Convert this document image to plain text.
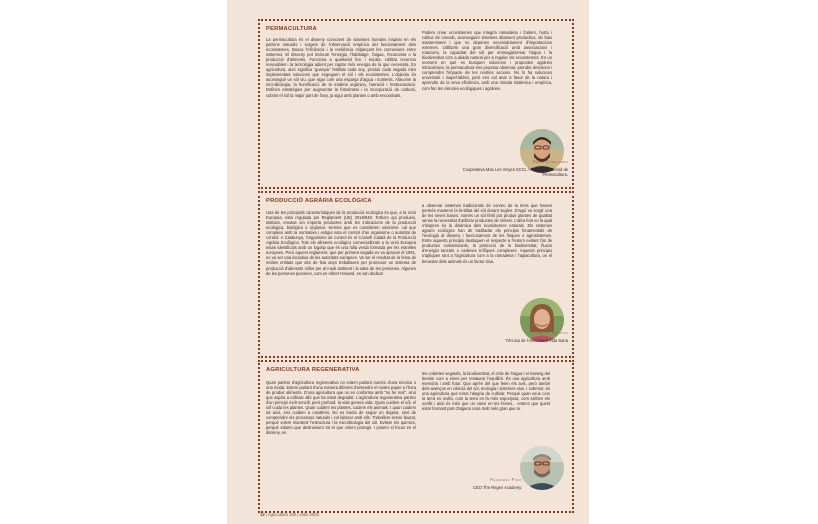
PERMACULTURA

La permacultura és el disseny conscient de sistemes humans inspirat en els patrons naturals i sorgeix de l'observació empírica del funcionament dels ecosistemes. Busca l'eficiència i la resiliència mitjançant les connexions entre sistemes. El disseny pot incloure l'energia, l'habitatge, l'aigua, l'economia o la producció d'aliments. Funciona a qualsevol lloc i escala. Utilitza recursos renovables i la tecnologia adient per captar més energia de la que necessita. En agricultura, això significa 'guanyar' fertilitat cada any, produir cada vegada més implementant solucions que engeguen el sòl i els ecosistemes. L'objectiu és aconseguir un sòl viu, que sigui com una esponja d'aigua i nutrients. Afavorim la microbiologia, la humificació de la matèria orgànica, l'aeració i l'estructuració. Definim estratègies per augmentar la fotosíntesi i la incorporació de carboni, cobrint el sòl la major part de l'any, ja sigui amb plantes o amb encoixinats.

Podem crear ecosistemes que integrin ramaderia i fruiters, horta i cultius de cereals, aconseguint sistemes altament productius, de baix manteniment i que no depenen necessàriament d'importacions externes. Utilitzem una gran diversificació amb associacions i rotacions, la capacitat del sòl per emmagatzemar l'aigua i la biodiversitat com a aliada natural per a regular els ecosistemes. En un moment en què es busquen solucions i propostes agràries miraculoses, la permacultura ens proposa observar, prendre decisions i comprendre l'impacte de les nostres accions. No hi ha solucions universals i inapel·lables, però ens cal anar a favor de la natura i aprendre de la seva eficiència, amb una mirada sistèmica i empírica, com fan les ciències ecològiques i agràries.

Sergi Caballero
Cooperativa Mas Les Vinyes SCCL / Associació BioVid de Permacultura.
PRODUCCIÓ AGRÀRIA ECOLÒGICA

Una de les principals característiques de la producció ecològica és que, a la Unió Europea, està regulada pel Reglament (UE) 2018/848. Tothom qui produeix, elabora, envasa o/o importa productes amb les indicacions de la producció ecològica, biològica o orgànica -termes que es consideren sinònims- cal que compleixi amb la normativa i estigui sota el control d'un organisme o autoritat de control. A Catalunya, l'organisme de control és el Consell Català de la Producció Agrària Ecològica. Tots els aliments ecològics comercialitzats a la Unió Europea estan identificats amb un logotip que és una fulla verda formada per les estrelles europees. Però aquest reglament, que per primera vegada es va aprovar el 1991, no va ser una iniciativa de les autoritats europees. Va ser el resultat de la feina de moltes entitats que des de feia anys treballaven per promoure un sistema de producció d'aliments millor per al medi ambient i la salut de les persones. Algunes de les persones pioneres, com en Albert Howard, es van dedicar

a observar sistemes tradicionals de conreu de la terra que havien permès mantenir la fertilitat del sòl durant segles. D'aquí va sorgir una de les seves bases: nomès un sòl fèrtil pot produir plantes de qualitat sense la necessitat d'utilitzar productes de síntesi. L'altra font en la qual s'inspiren és la dinàmica dels ecosistemes naturals. Els sistemes agraris ecològics han de traslladar els principis fonamentals de l'ecologia al disseny i funcionament de les finques o agrosistemes. Entre aquests principis destaquen el respecte a l'entorn evitant l'ús de productes contaminants, la protecció de la biodiversitat, fluxos d'energia tancats o cadenes tròfiques complexes. Aquests principis s'apliquen tant a l'agricultura com a la ramaderia i l'aqüicultura, on el benestar dels animals és un factor clau.

Montse Escutia
Tècnica de l'Associació Vida Sana
AGRICULTURA REGENERATIVA

Quan parlem d'agricultura regenerativa no estem parlant només d'una tècnica o una moda. Estem parlant d'una manera diferent d'entendre el nostre paper a l'hora de produir aliments. D'una agricultura que no es conforma amb "no fer mal", sinó que aspira a millorar allò que ha estat degradat. L'agricultura regenerativa parteix d'un principi molt senzill, però profund: la vida genera vida. Quan cuidem el sòl, el sòl cuida les plantes. Quan cuidem les plantes, cuidem els animals. I quan cuidem tot això, ens cuidem a nosaltres. No es tracta de seguir un dogma, sinó de comprendre els processos naturals i col·laborar amb ells. Treballem sense llaurar, perquè volem mantenir l'estructura i la microbiologia del sòl. Evitem els químics, perquè sabem que destrueixen tot el que volem protegir. I posem el focus en el disseny, en

les cobertes vegetals, la biodiversitat, el cicle de l'aigua i el maneig del bestiar com a eines per restaurar l'equilibri. És una agricultura amb memòria i amb futur. Que aprèn del que feien els avis, però també dels avenços en ciència del sòl, ecologia i sistemes vius. I sobretot, és una agricultura que torna l'alegria de cultivar. Perquè quan veus com la terra es revifa, com la terra es fa més esponjosa, com arriben els ocells i això és més que un canvi en les feines... entens que quest estar formant part d'alguna cosa molt més gran que tu.

Francesc Font
CEO The Regen Academy.
12 | Agricultura 150 | estiu 2025
